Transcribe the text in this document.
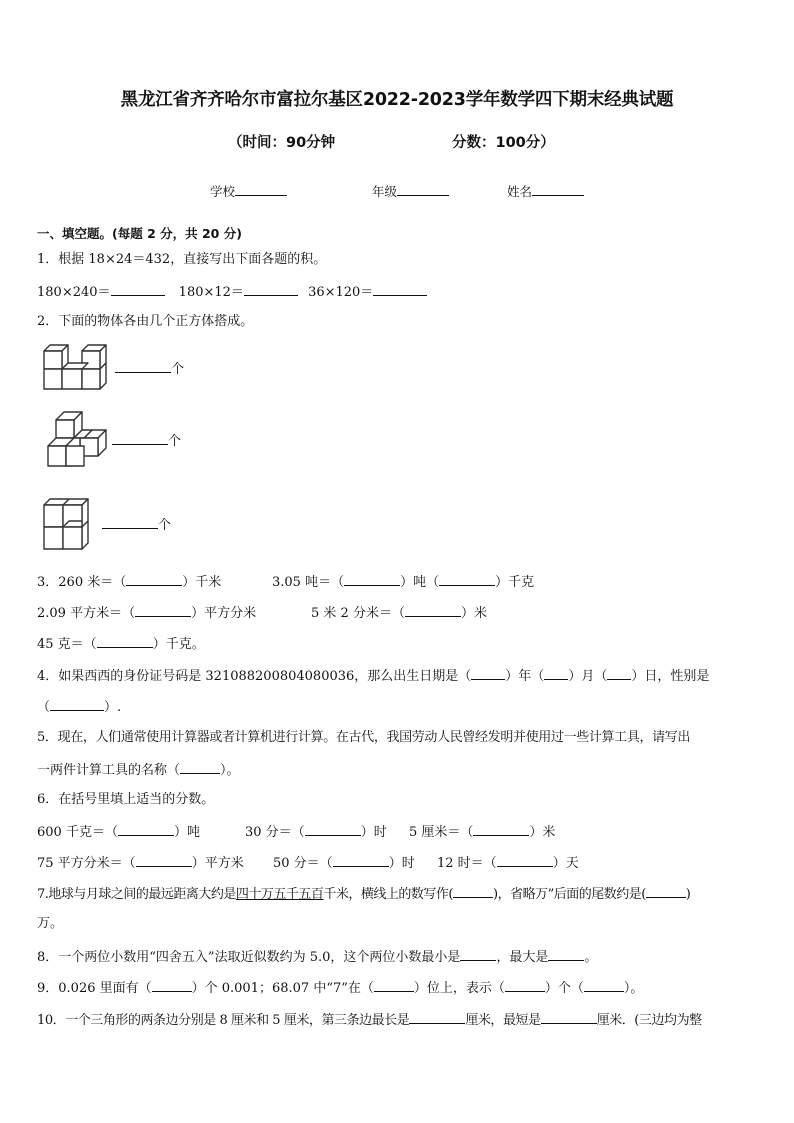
黑龙江省齐齐哈尔市富拉尔基区2022-2023学年数学四下期末经典试题
（时间：90分钟	分数：100分）
学校	年级	姓名
一、填空题。(每题 2 分，共 20 分)
1．根据 18×24＝432，直接写出下面各题的积。
180×240＝	180×12＝	36×120＝
2．下面的物体各由几个正方体搭成。
个
个
个
3．260 米＝（	）千米	3.05 吨＝（	）吨（	）千克
2.09 平方米＝（	）平方分米	5 米 2 分米＝（	）米
45 克＝（	）千克。
4．如果西西的身份证号码是 321088200804080036，那么出生日期是（	）年（ ）月（ ）日，性别是
（	）.
5．现在，人们通常使用计算器或者计算机进行计算。在古代，我国劳动人民曾经发明并使用过一些计算工具，请写出
一两件计算工具的名称（	）。
6．在括号里填上适当的分数。
600 千克＝（	）吨	30 分＝（	）时 5 厘米＝（	）米
75 平方分米＝（	）平方米 50 分＝（	）时 12 时＝（	）天
7.地球与月球之间的最远距离大约是四十万五千五百千米，横线上的数写作(	)，省略万”后面的尾数约是(	)
万。
8．一个两位小数用“四舍五入”法取近似数约为 5.0，这个两位小数最小是	，最大是	。
9．0.026 里面有（	）个 0.001；68.07 中“7”在（	）位上，表示（	）个（	）。
10．一个三角形的两条边分别是 8 厘米和 5 厘米，第三条边最长是	厘米，最短是	厘米．(三边均为整
